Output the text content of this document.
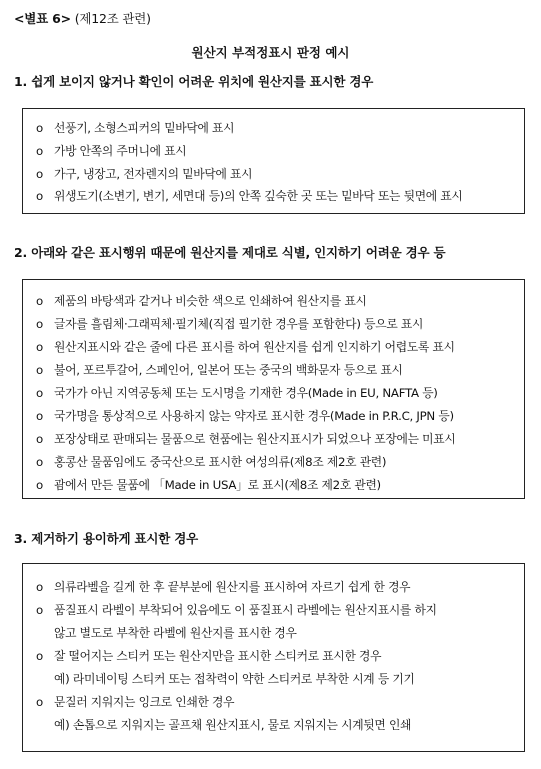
<별표 6> (제12조 관련)
원산지 부적정표시 판정 예시
1. 쉽게 보이지 않거나 확인이 어려운 위치에 원산지를 표시한 경우
o 선풍기, 소형스피커의 밑바닥에 표시
o 가방 안쪽의 주머니에 표시
o 가구, 냉장고, 전자렌지의 밑바닥에 표시
o 위생도기(소변기, 변기, 세면대 등)의 안쪽 깊숙한 곳 또는 밑바닥 또는 뒷면에 표시
2. 아래와 같은 표시행위 때문에 원산지를 제대로 식별, 인지하기 어려운 경우 등
o 제품의 바탕색과 같거나 비슷한 색으로 인쇄하여 원산지를 표시
o 글자를 흘림체·그래픽체·필기체(직접 필기한 경우를 포함한다) 등으로 표시
o 원산지표시와 같은 줄에 다른 표시를 하여 원산지를 쉽게 인지하기 어렵도록 표시
o 불어, 포르투갈어, 스페인어, 일본어 또는 중국의 백화문자 등으로 표시
o 국가가 아닌 지역공동체 또는 도시명을 기재한 경우(Made in EU, NAFTA 등)
o 국가명을 통상적으로 사용하지 않는 약자로 표시한 경우(Made in P.R.C, JPN 등)
o 포장상태로 판매되는 물품으로 현품에는 원산지표시가 되었으나 포장에는 미표시
o 홍콩산 물품임에도 중국산으로 표시한 여성의류(제8조 제2호 관련)
o 괌에서 만든 물품에 「Made in USA」로 표시(제8조 제2호 관련)
3. 제거하기 용이하게 표시한 경우
o 의류라벨을 길게 한 후 끝부분에 원산지를 표시하여 자르기 쉽게 한 경우
o 품질표시 라벨이 부착되어 있음에도 이 품질표시 라벨에는 원산지표시를 하지
않고 별도로 부착한 라벨에 원산지를 표시한 경우
o 잘 떨어지는 스티커 또는 원산지만을 표시한 스티커로 표시한 경우
예) 라미네이팅 스티커 또는 접착력이 약한 스티커로 부착한 시계 등 기기
o 문질러 지워지는 잉크로 인쇄한 경우
예) 손톱으로 지워지는 골프채 원산지표시, 물로 지워지는 시계뒷면 인쇄
